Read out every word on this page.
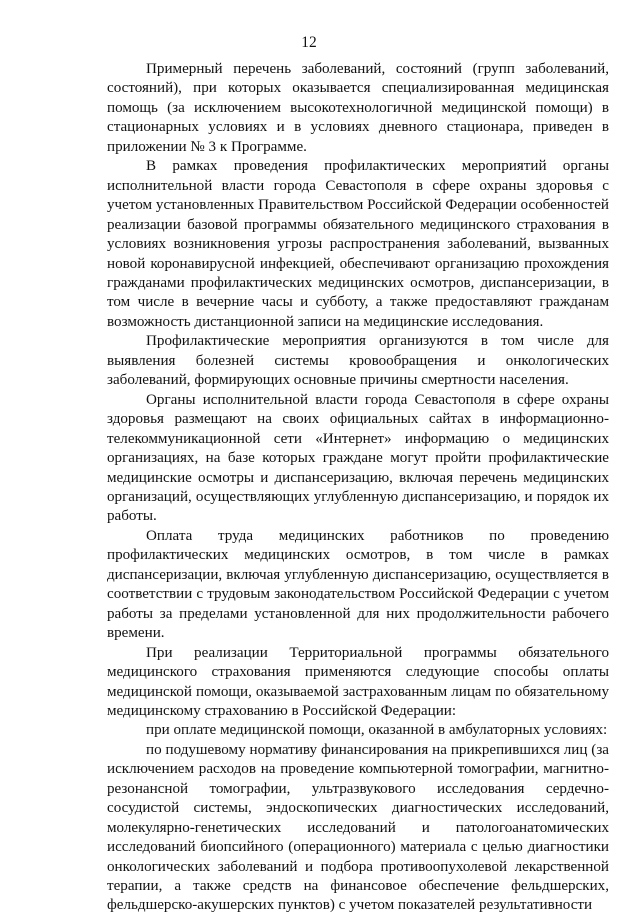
12

Примерный перечень заболеваний, состояний (групп заболеваний, состояний), при которых оказывается специализированная медицинская помощь (за исключением высокотехнологичной медицинской помощи) в стационарных условиях и в условиях дневного стационара, приведен в приложении № 3 к Программе.

В рамках проведения профилактических мероприятий органы исполнительной власти города Севастополя в сфере охраны здоровья с учетом установленных Правительством Российской Федерации особенностей реализации базовой программы обязательного медицинского страхования в условиях возникновения угрозы распространения заболеваний, вызванных новой коронавирусной инфекцией, обеспечивают организацию прохождения гражданами профилактических медицинских осмотров, диспансеризации, в том числе в вечерние часы и субботу, а также предоставляют гражданам возможность дистанционной записи на медицинские исследования.

Профилактические мероприятия организуются в том числе для выявления болезней системы кровообращения и онкологических заболеваний, формирующих основные причины смертности населения.

Органы исполнительной власти города Севастополя в сфере охраны здоровья размещают на своих официальных сайтах в информационно-телекоммуникационной сети «Интернет» информацию о медицинских организациях, на базе которых граждане могут пройти профилактические медицинские осмотры и диспансеризацию, включая перечень медицинских организаций, осуществляющих углубленную диспансеризацию, и порядок их работы.

Оплата труда медицинских работников по проведению профилактических медицинских осмотров, в том числе в рамках диспансеризации, включая углубленную диспансеризацию, осуществляется в соответствии с трудовым законодательством Российской Федерации с учетом работы за пределами установленной для них продолжительности рабочего времени.

При реализации Территориальной программы обязательного медицинского страхования применяются следующие способы оплаты медицинской помощи, оказываемой застрахованным лицам по обязательному медицинскому страхованию в Российской Федерации:

при оплате медицинской помощи, оказанной в амбулаторных условиях:

по подушевому нормативу финансирования на прикрепившихся лиц (за исключением расходов на проведение компьютерной томографии, магнитно-резонансной томографии, ультразвукового исследования сердечно-сосудистой системы, эндоскопических диагностических исследований, молекулярно-генетических исследований и патологоанатомических исследований биопсийного (операционного) материала с целью диагностики онкологических заболеваний и подбора противоопухолевой лекарственной терапии, а также средств на финансовое обеспечение фельдшерских, фельдшерско-акушерских пунктов) с учетом показателей результативности
